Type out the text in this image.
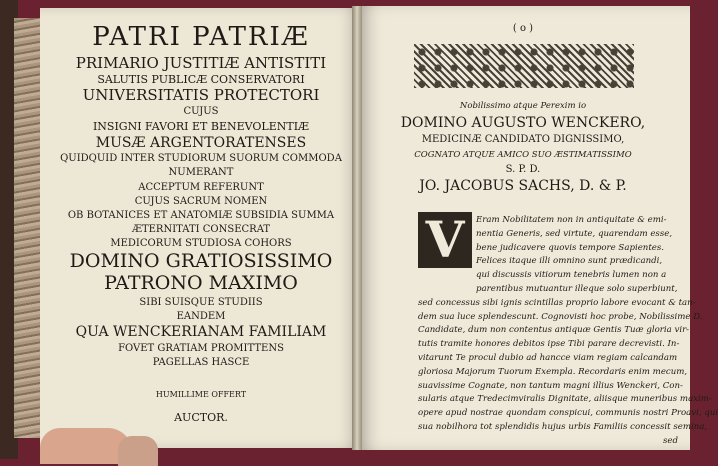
PATRI PATRIÆ
PRIMARIO JUSTITIÆ ANTISTITI
SALUTIS PUBLICÆ CONSERVATORI
UNIVERSITATIS PROTECTORI
CUJUS
INSIGNI FAVORI ET BENEVOLENTIÆ
MUSÆ ARGENTORATENSES
QUIDQUID INTER STUDIORUM SUORUM COMMODA
NUMERANT
ACCEPTUM REFERUNT
CUJUS SACRUM NOMEN
OB BOTANICES ET ANATOMIÆ SUBSIDIA SUMMA
ÆTERNITATI CONSECRAT
MEDICORUM STUDIOSA COHORS
DOMINO GRATIOSISSIMO
PATRONO MAXIMO
SIBI SUISQUE STUDIIS
EANDEM
QUA WENCKERIANAM FAMILIAM
FOVET GRATIAM PROMITTENS
PAGELLAS HASCE
HUMILLIME OFFERT
AUCTOR.
( o )
Nobilissimo atque Perexim io
DOMINO AUGUSTO WENCKERO,
MEDICINÆ CANDIDATO DIGNISSIMO,
COGNATO ATQUE AMICO SUO ÆSTIMATISSIMO
S. P. D.
JO. JACOBUS SACHS, D. & P.
V	Eram Nobilitatem non in antiquitate & emi-
nentia Generis, sed virtute, quarendam esse,
bene judicavere quovis tempore Sapientes.
Felices itaque illi omnino sunt prædicandi,
qui discussis vitiorum tenebris lumen non a
parentibus mutuantur illeque solo superbiunt,
sed concessus sibi ignis scintillas proprio labore evocant & tan-
dem sua luce splendescunt. Cognovisti hoc probe, Nobilissime D.
Candidate, dum non contentus antiquæ Gentis Tuæ gloria vir-
tutis tramite honores debitos ipse Tibi parare decrevisti. In-
vitarunt Te procul dubio ad hancce viam regiam calcandam
gloriosa Majorum Tuorum Exempla. Recordaris enim mecum,
suavissime Cognate, non tantum magni illius Wenckeri, Con-
sularis atque Tredecimviralis Dignitate, aliisque muneribus maxim-
opere apud nostrae quondam conspicui, communis nostri Proavi, qui
sua nobilhora tot splendidis hujus urbis Familiis concessit semina,
sed
